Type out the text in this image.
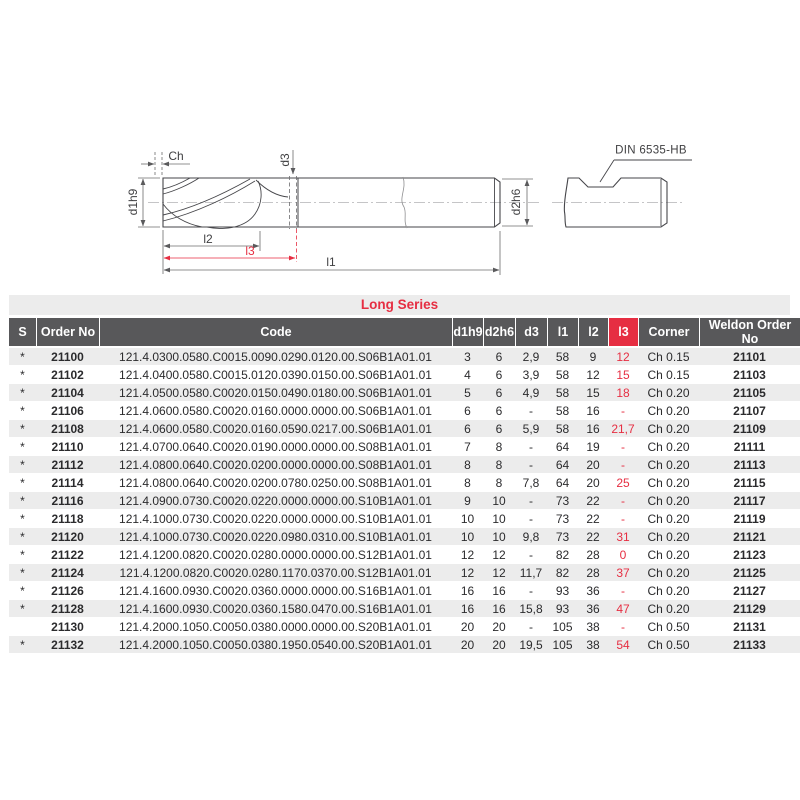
Ch
d1h9
d3
d2h6
l2
l3
l1
DIN 6535-HB
Long Series
S	Order No	Code	d1h9	d2h6	d3	l1	l2	l3	Corner	Weldon Order No
*	21100	121.4.0300.0580.C0015.0090.0290.0120.00.S06B1A01.01	3	6	2,9	58	9	12	Ch 0.15	21101
*	21102	121.4.0400.0580.C0015.0120.0390.0150.00.S06B1A01.01	4	6	3,9	58	12	15	Ch 0.15	21103
*	21104	121.4.0500.0580.C0020.0150.0490.0180.00.S06B1A01.01	5	6	4,9	58	15	18	Ch 0.20	21105
*	21106	121.4.0600.0580.C0020.0160.0000.0000.00.S06B1A01.01	6	6	-	58	16	-	Ch 0.20	21107
*	21108	121.4.0600.0580.C0020.0160.0590.0217.00.S06B1A01.01	6	6	5,9	58	16	21,7	Ch 0.20	21109
*	21110	121.4.0700.0640.C0020.0190.0000.0000.00.S08B1A01.01	7	8	-	64	19	-	Ch 0.20	21111
*	21112	121.4.0800.0640.C0020.0200.0000.0000.00.S08B1A01.01	8	8	-	64	20	-	Ch 0.20	21113
*	21114	121.4.0800.0640.C0020.0200.0780.0250.00.S08B1A01.01	8	8	7,8	64	20	25	Ch 0.20	21115
*	21116	121.4.0900.0730.C0020.0220.0000.0000.00.S10B1A01.01	9	10	-	73	22	-	Ch 0.20	21117
*	21118	121.4.1000.0730.C0020.0220.0000.0000.00.S10B1A01.01	10	10	-	73	22	-	Ch 0.20	21119
*	21120	121.4.1000.0730.C0020.0220.0980.0310.00.S10B1A01.01	10	10	9,8	73	22	31	Ch 0.20	21121
*	21122	121.4.1200.0820.C0020.0280.0000.0000.00.S12B1A01.01	12	12	-	82	28	0	Ch 0.20	21123
*	21124	121.4.1200.0820.C0020.0280.1170.0370.00.S12B1A01.01	12	12	11,7	82	28	37	Ch 0.20	21125
*	21126	121.4.1600.0930.C0020.0360.0000.0000.00.S16B1A01.01	16	16	-	93	36	-	Ch 0.20	21127
*	21128	121.4.1600.0930.C0020.0360.1580.0470.00.S16B1A01.01	16	16	15,8	93	36	47	Ch 0.20	21129
	21130	121.4.2000.1050.C0050.0380.0000.0000.00.S20B1A01.01	20	20	-	105	38	-	Ch 0.50	21131
*	21132	121.4.2000.1050.C0050.0380.1950.0540.00.S20B1A01.01	20	20	19,5	105	38	54	Ch 0.50	21133
